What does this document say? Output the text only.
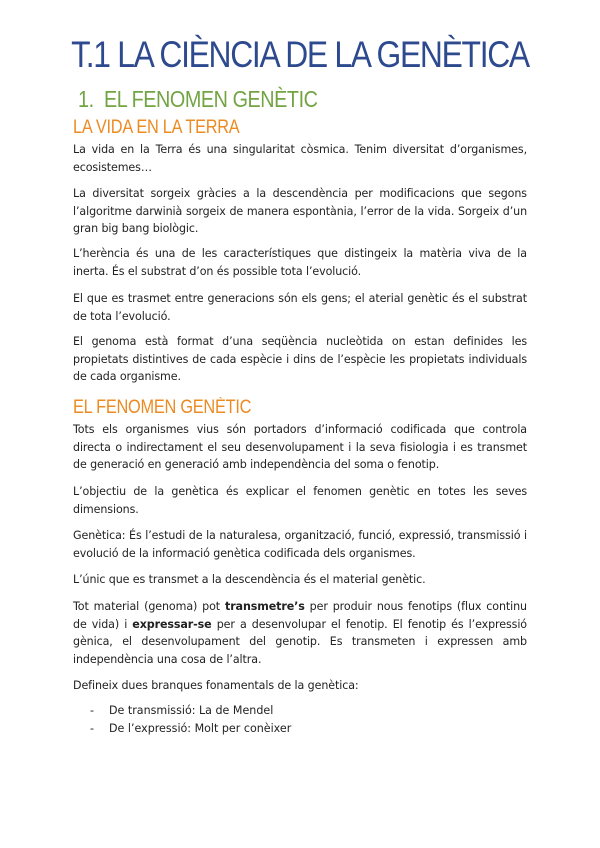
T.1 LA CIÈNCIA DE LA GENÈTICA
1. EL FENOMEN GENÈTIC
LA VIDA EN LA TERRA

La vida en la Terra és una singularitat còsmica. Tenim diversitat d’organismes, ecosistemes…

La diversitat sorgeix gràcies a la descendència per modificacions que segons l’algoritme darwinià sorgeix de manera espontània, l’error de la vida. Sorgeix d’un gran big bang biològic.

L’herència és una de les característiques que distingeix la matèria viva de la inerta. És el substrat d’on és possible tota l’evolució.

El que es trasmet entre generacions són els gens; el aterial genètic és el substrat de tota l’evolució.

El genoma està format d’una seqüència nucleòtida on estan definides les propietats distintives de cada espècie i dins de l’espècie les propietats individuals de cada organisme.

EL FENOMEN GENÈTIC

Tots els organismes vius són portadors d’informació codificada que controla directa o indirectament el seu desenvolupament i la seva fisiologia i es transmet de generació en generació amb independència del soma o fenotip.

L’objectiu de la genètica és explicar el fenomen genètic en totes les seves dimensions.

Genètica: És l’estudi de la naturalesa, organització, funció, expressió, transmissió i evolució de la informació genètica codificada dels organismes.

L’únic que es transmet a la descendència és el material genètic.

Tot material (genoma) pot transmetre’s per produir nous fenotips (flux continu de vida) i expressar-se per a desenvolupar el fenotip. El fenotip és l’expressió gènica, el desenvolupament del genotip. Es transmeten i expressen amb independència una cosa de l’altra.

Defineix dues branques fonamentals de la genètica:

- De transmissió: La de Mendel
- De l’expressió: Molt per conèixer
